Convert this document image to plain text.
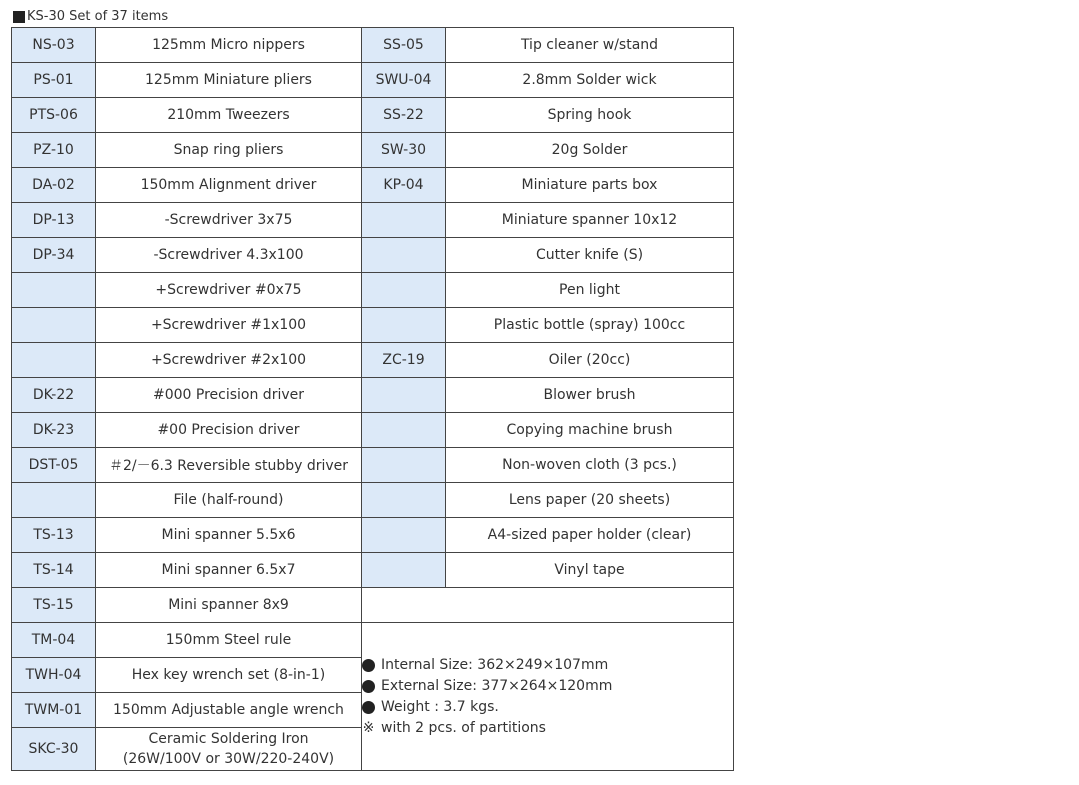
KS-30 Set of 37 items
NS-03	125mm Micro nippers	SS-05	Tip cleaner w/stand
PS-01	125mm Miniature pliers	SWU-04	2.8mm Solder wick
PTS-06	210mm Tweezers	SS-22	Spring hook
PZ-10	Snap ring pliers	SW-30	20g Solder
DA-02	150mm Alignment driver	KP-04	Miniature parts box
DP-13	-Screwdriver 3x75		Miniature spanner 10x12
DP-34	-Screwdriver 4.3x100		Cutter knife (S)
	+Screwdriver #0x75		Pen light
	+Screwdriver #1x100		Plastic bottle (spray) 100cc
	+Screwdriver #2x100	ZC-19	Oiler (20cc)
DK-22	#000 Precision driver		Blower brush
DK-23	#00 Precision driver		Copying machine brush
DST-05	＃2/－6.3 Reversible stubby driver		Non-woven cloth (3 pcs.)
	File (half-round)		Lens paper (20 sheets)
TS-13	Mini spanner 5.5x6		A4-sized paper holder (clear)
TS-14	Mini spanner 6.5x7		Vinyl tape
TS-15	Mini spanner 8x9		
TM-04	150mm Steel rule	Internal Size: 362×249×107mm
External Size: 377×264×120mm
Weight : 3.7 kgs.
※ with 2 pcs. of partitions	

TWH-04	Hex key wrench set (8-in-1)		
TWM-01	150mm Adjustable angle wrench		
SKC-30	Ceramic Soldering Iron
(26W/100V or 30W/220-240V)		
